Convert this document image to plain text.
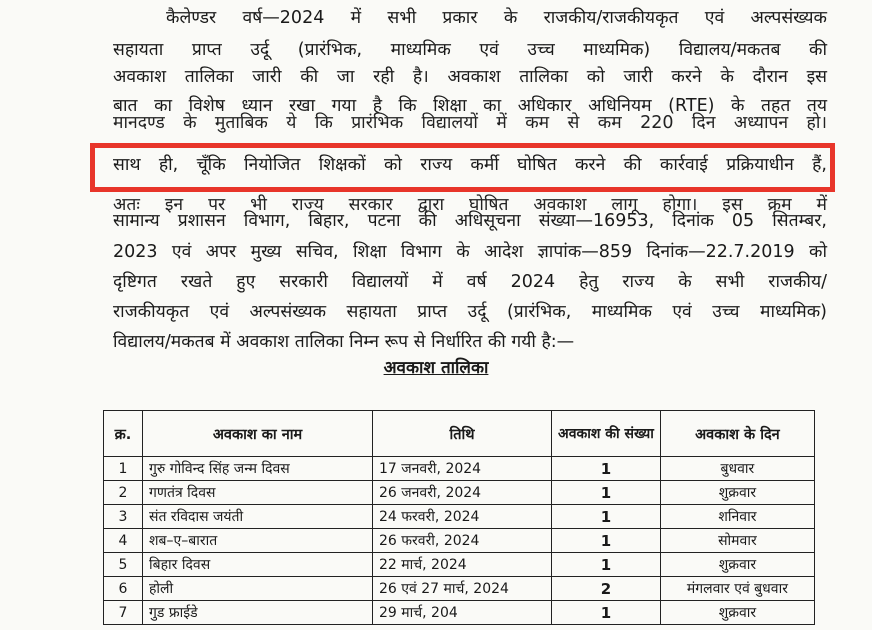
कैलेण्डर वर्ष—2024 में सभी प्रकार के राजकीय/राजकीयकृत एवं अल्पसंख्यक
सहायता प्राप्त उर्दू (प्रारंभिक, माध्यमिक एवं उच्च माध्यमिक) विद्यालय/मकतब की
अवकाश तालिका जारी की जा रही है। अवकाश तालिका को जारी करने के दौरान इस
बात का विशेष ध्यान रखा गया है कि शिक्षा का अधिकार अधिनियम (RTE) के तहत तय
मानदण्ड के मुताबिक ये कि प्रारंभिक विद्यालयों में कम से कम 220 दिन अध्यापन हो।
साथ ही, चूँकि नियोजित शिक्षकों को राज्य कर्मी घोषित करने की कार्रवाई प्रक्रियाधीन हैं,
अतः इन पर भी राज्य सरकार द्वारा घोषित अवकाश लागू होगा। इस क्रम में
सामान्य प्रशासन विभाग, बिहार, पटना की अधिसूचना संख्या—16953, दिनांक 05 सितम्बर,
2023 एवं अपर मुख्य सचिव, शिक्षा विभाग के आदेश ज्ञापांक—859 दिनांक—22.7.2019 को
दृष्टिगत रखते हुए सरकारी विद्यालयों में वर्ष 2024 हेतु राज्य के सभी राजकीय/
राजकीयकृत एवं अल्पसंख्यक सहायता प्राप्त उर्दू (प्रारंभिक, माध्यमिक एवं उच्च माध्यमिक)
विद्यालय/मकतब में अवकाश तालिका निम्न रूप से निर्धारित की गयी है:—
अवकाश तालिका
क्र.	अवकाश का नाम	तिथि	अवकाश की संख्या	अवकाश के दिन
1	गुरु गोविन्द सिंह जन्म दिवस	17 जनवरी, 2024	1	बुधवार
2	गणतंत्र दिवस	26 जनवरी, 2024	1	शुक्रवार
3	संत रविदास जयंती	24 फरवरी, 2024	1	शनिवार
4	शब–ए–बारात	26 फरवरी, 2024	1	सोमवार
5	बिहार दिवस	22 मार्च, 2024	1	शुक्रवार
6	होली	26 एवं 27 मार्च, 2024	2	मंगलवार एवं बुधवार
7	गुड फ्राईडे	29 मार्च, 204	1	शुक्रवार
